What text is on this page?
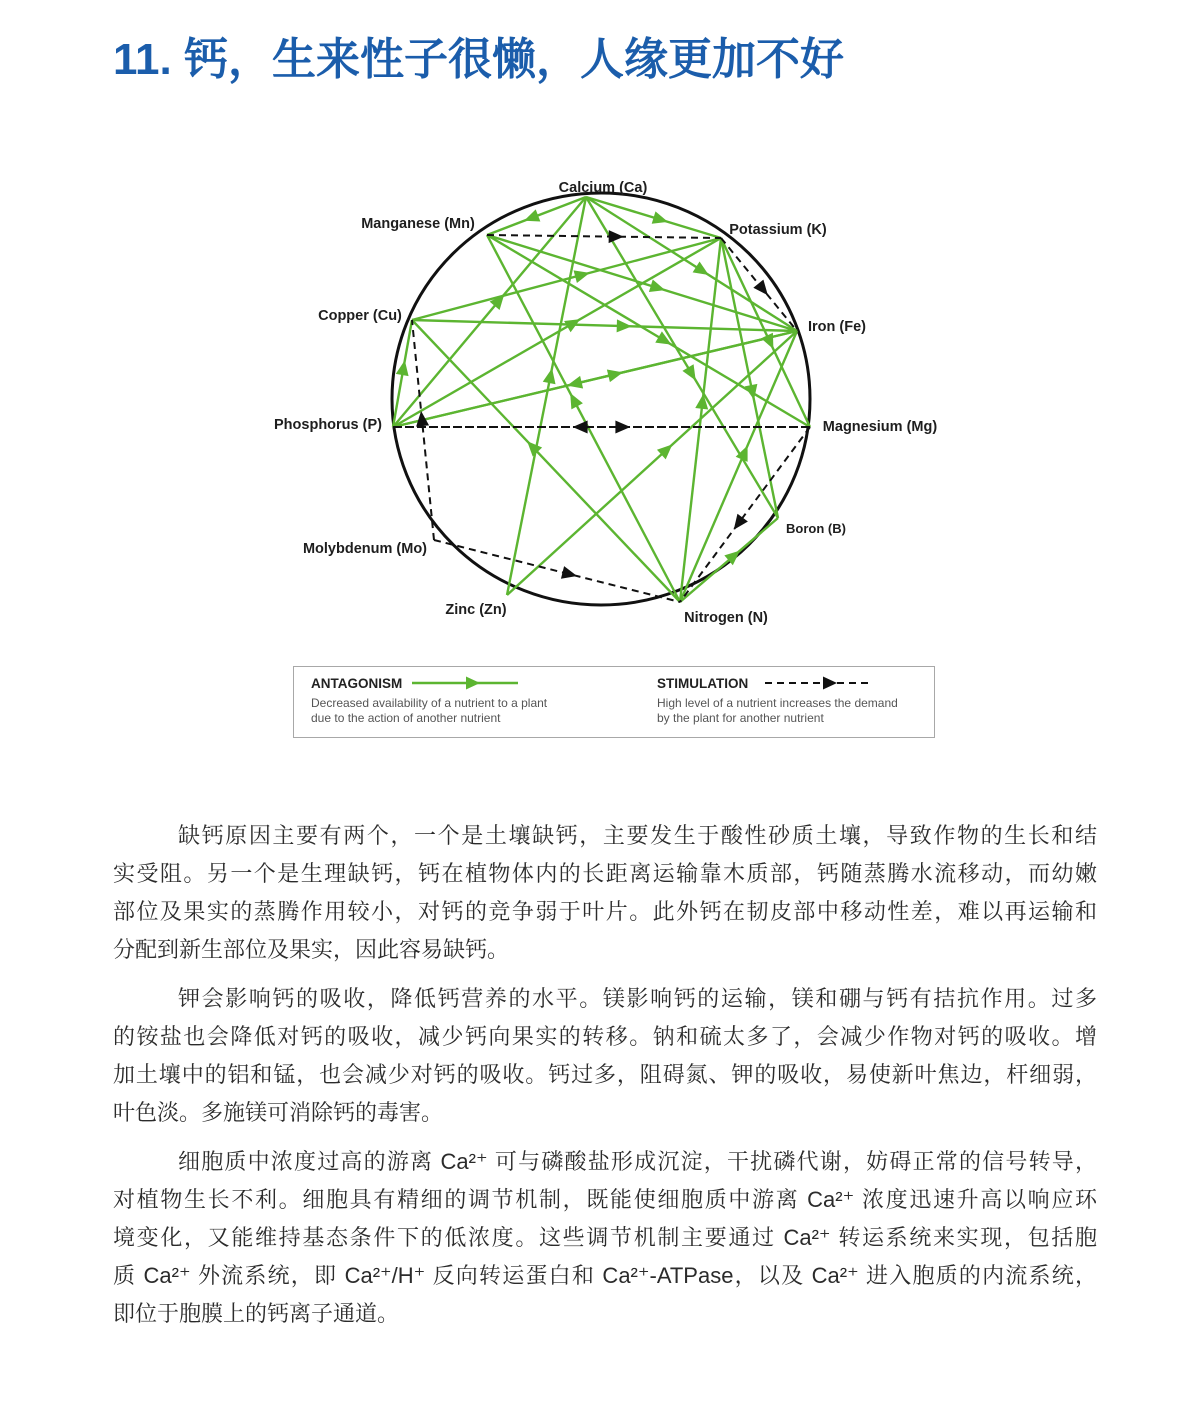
11. 钙，生来性子很懒，人缘更加不好
Calcium (Ca)
Manganese (Mn)	Potassium (K)
Copper (Cu)
Iron (Fe)
Phosphorus (P)	Magnesium (Mg)
Boron (B)
Molybdenum (Mo)
Zinc (Zn)	Nitrogen (N)
ANTAGONISM
Decreased availability of a nutrient to a plant
due to the action of another nutrient
STIMULATION
High level of a nutrient increases the demand
by the plant for another nutrient

缺钙原因主要有两个，一个是土壤缺钙，主要发生于酸性砂质土壤，导致作物的生长和结
实受阻。另一个是生理缺钙，钙在植物体内的长距离运输靠木质部，钙随蒸腾水流移动，而幼嫩
部位及果实的蒸腾作用较小，对钙的竞争弱于叶片。此外钙在韧皮部中移动性差，难以再运输和
分配到新生部位及果实，因此容易缺钙。

钾会影响钙的吸收，降低钙营养的水平。镁影响钙的运输，镁和硼与钙有拮抗作用。过多
的铵盐也会降低对钙的吸收，减少钙向果实的转移。钠和硫太多了，会减少作物对钙的吸收。增
加土壤中的铝和锰，也会减少对钙的吸收。钙过多，阻碍氮、钾的吸收，易使新叶焦边，杆细弱，
叶色淡。多施镁可消除钙的毒害。

细胞质中浓度过高的游离 Ca²⁺ 可与磷酸盐形成沉淀，干扰磷代谢，妨碍正常的信号转导，
对植物生长不利。细胞具有精细的调节机制，既能使细胞质中游离 Ca²⁺ 浓度迅速升高以响应环
境变化，又能维持基态条件下的低浓度。这些调节机制主要通过 Ca²⁺ 转运系统来实现，包括胞
质 Ca²⁺ 外流系统，即 Ca²⁺/H⁺ 反向转运蛋白和 Ca²⁺-ATPase，以及 Ca²⁺ 进入胞质的内流系统，
即位于胞膜上的钙离子通道。
